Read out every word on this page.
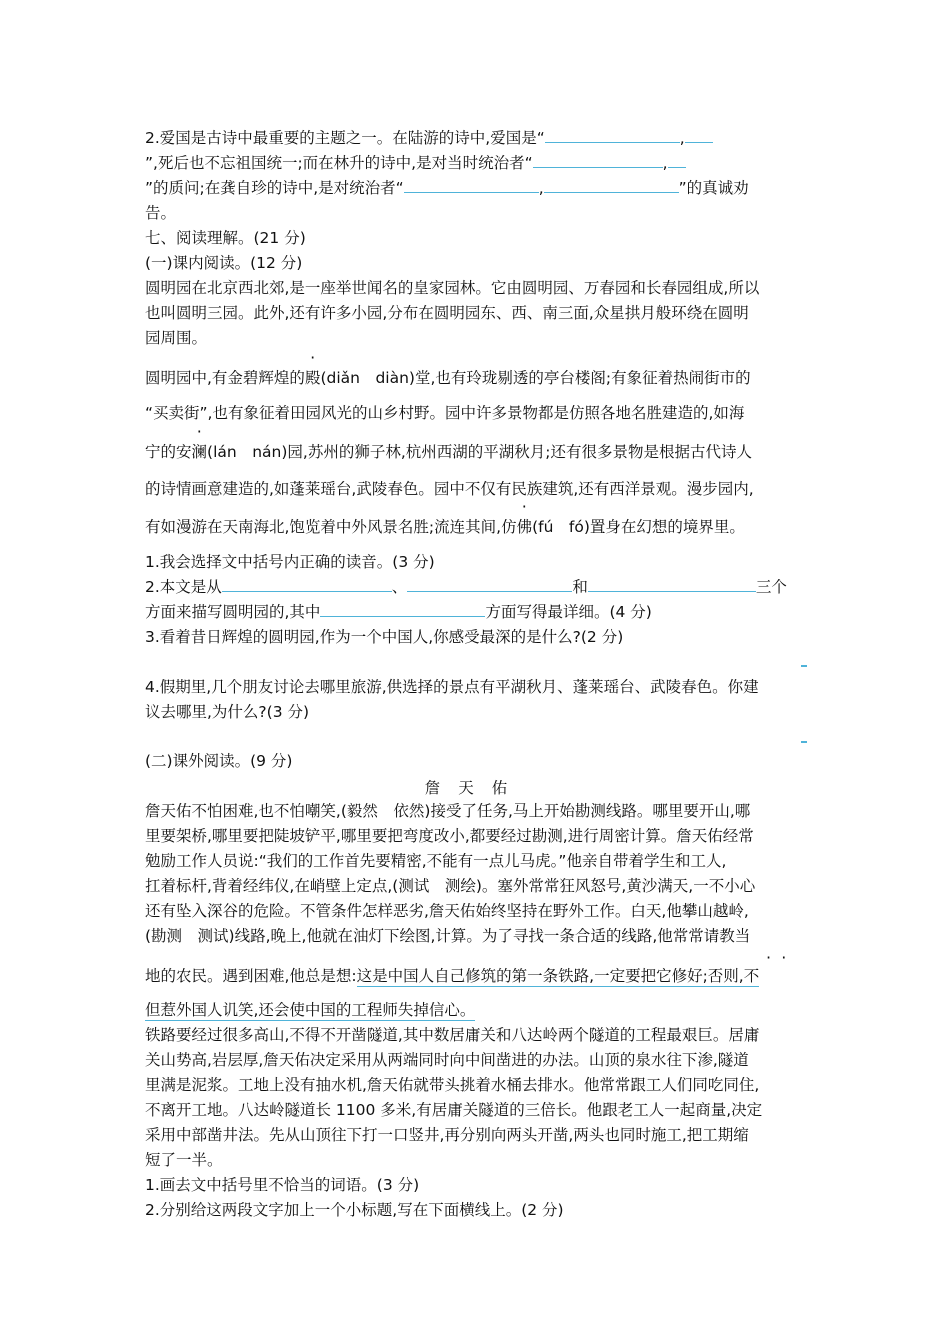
2.爱国是古诗中最重要的主题之一。在陆游的诗中,爱国是“	,
”,死后也不忘祖国统一;而在林升的诗中,是对当时统治者“	,
”的质问;在龚自珍的诗中,是对统治者“	,	”的真诚劝
告。
七、阅读理解。(21 分)
(一)课内阅读。(12 分)
圆明园在北京西北郊,是一座举世闻名的皇家园林。它由圆明园、万春园和长春园组成,所以
也叫圆明三园。此外,还有许多小园,分布在圆明园东、西、南三面,众星拱月般环绕在圆明
园周围。
圆明园中,有金碧辉煌的殿(diǎn　diàn)堂,也有玲珑剔透的亭台楼阁;有象征着热闹街市的
“买卖街”,也有象征着田园风光的山乡村野。园中许多景物都是仿照各地名胜建造的,如海
宁的安澜(lán　nán)园,苏州的狮子林,杭州西湖的平湖秋月;还有很多景物是根据古代诗人
的诗情画意建造的,如蓬莱瑶台,武陵春色。园中不仅有民族建筑,还有西洋景观。漫步园内,
有如漫游在天南海北,饱览着中外风景名胜;流连其间,仿佛(fú　fó)置身在幻想的境界里。
1.我会选择文中括号内正确的读音。(3 分)
2.本文是从	、	和	三个
方面来描写圆明园的,其中	方面写得最详细。(4 分)
3.看着昔日辉煌的圆明园,作为一个中国人,你感受最深的是什么?(2 分)
4.假期里,几个朋友讨论去哪里旅游,供选择的景点有平湖秋月、蓬莱瑶台、武陵春色。你建
议去哪里,为什么?(3 分)
(二)课外阅读。(9 分)
詹天佑
詹天佑不怕困难,也不怕嘲笑,(毅然　依然)接受了任务,马上开始勘测线路。哪里要开山,哪
里要架桥,哪里要把陡坡铲平,哪里要把弯度改小,都要经过勘测,进行周密计算。詹天佑经常
勉励工作人员说:“我们的工作首先要精密,不能有一点儿马虎。”他亲自带着学生和工人,
扛着标杆,背着经纬仪,在峭壁上定点,(测试　测绘)。塞外常常狂风怒号,黄沙满天,一不小心
还有坠入深谷的危险。不管条件怎样恶劣,詹天佑始终坚持在野外工作。白天,他攀山越岭,
(勘测　测试)线路,晚上,他就在油灯下绘图,计算。为了寻找一条合适的线路,他常常请教当
·  ·
地的农民。遇到困难,他总是想:这是中国人自己修筑的第一条铁路,一定要把它修好;否则,不
但惹外国人讥笑,还会使中国的工程师失掉信心。
铁路要经过很多高山,不得不开凿隧道,其中数居庸关和八达岭两个隧道的工程最艰巨。居庸
关山势高,岩层厚,詹天佑决定采用从两端同时向中间凿进的办法。山顶的泉水往下渗,隧道
里满是泥浆。工地上没有抽水机,詹天佑就带头挑着水桶去排水。他常常跟工人们同吃同住,
不离开工地。八达岭隧道长 1100 多米,有居庸关隧道的三倍长。他跟老工人一起商量,决定
采用中部凿井法。先从山顶往下打一口竖井,再分别向两头开凿,两头也同时施工,把工期缩
短了一半。
1.画去文中括号里不恰当的词语。(3 分)
2.分别给这两段文字加上一个小标题,写在下面横线上。(2 分)
